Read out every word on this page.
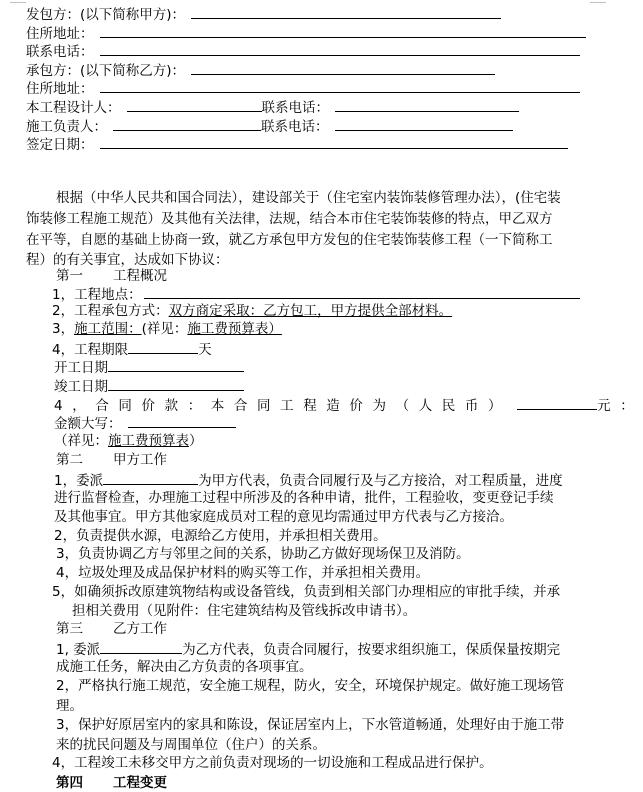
发包方：(以下简称甲方)：
住所地址：
联系电话：
承包方：(以下简称乙方)：
住所地址：
本工程设计人：	联系电话：
施工负责人：	联系电话：
签定日期：
根据（中华人民共和国合同法），建设部关于（住宅室内装饰装修管理办法），(住宅装
饰装修工程施工规范）及其他有关法律，法规，结合本市住宅装饰装修的特点，甲乙双方
在平等，自愿的基础上协商一致，就乙方承包甲方发包的住宅装饰装修工程（一下简称工
程）的有关事宜，达成如下协议：
第一 工程概况
1，工程地点：
2，工程承包方式：双方商定采取：乙方包工，甲方提供全部材料。
3，施工范围：(祥见：施工费预算表）
4，工程期限	天
开工日期
竣工日期
4，合同价款：本合同工程造价为（人民币）	元：
金额大写：
（祥见：施工费预算表）
第二 甲方工作
1，委派	为甲方代表，负责合同履行及与乙方接洽，对工程质量，进度
进行监督检查，办理施工过程中所涉及的各种申请，批件，工程验收，变更登记手续
及其他事宜。甲方其他家庭成员对工程的意见均需通过甲方代表与乙方接洽。
2，负责提供水源，电源给乙方使用，并承担相关费用。
3，负责协调乙方与邻里之间的关系，协助乙方做好现场保卫及消防。
4，垃圾处理及成品保护材料的购买等工作，并承担相关费用。
5，如确须拆改原建筑物结构或设备管线，负责到相关部门办理相应的审批手续，并承
担相关费用（见附件：住宅建筑结构及管线拆改申请书）。
第三 乙方工作
1, 委派	为乙方代表，负责合同履行，按要求组织施工，保质保量按期完
成施工任务，解决由乙方负责的各项事宜。
2，严格执行施工规范，安全施工规程，防火，安全，环境保护规定。做好施工现场管
理。
3，保护好原居室内的家具和陈设，保证居室内上，下水管道畅通，处理好由于施工带
来的扰民问题及与周围单位（住户）的关系。
4，工程竣工未移交甲方之前负责对现场的一切设施和工程成品进行保护。
第四 工程变更
